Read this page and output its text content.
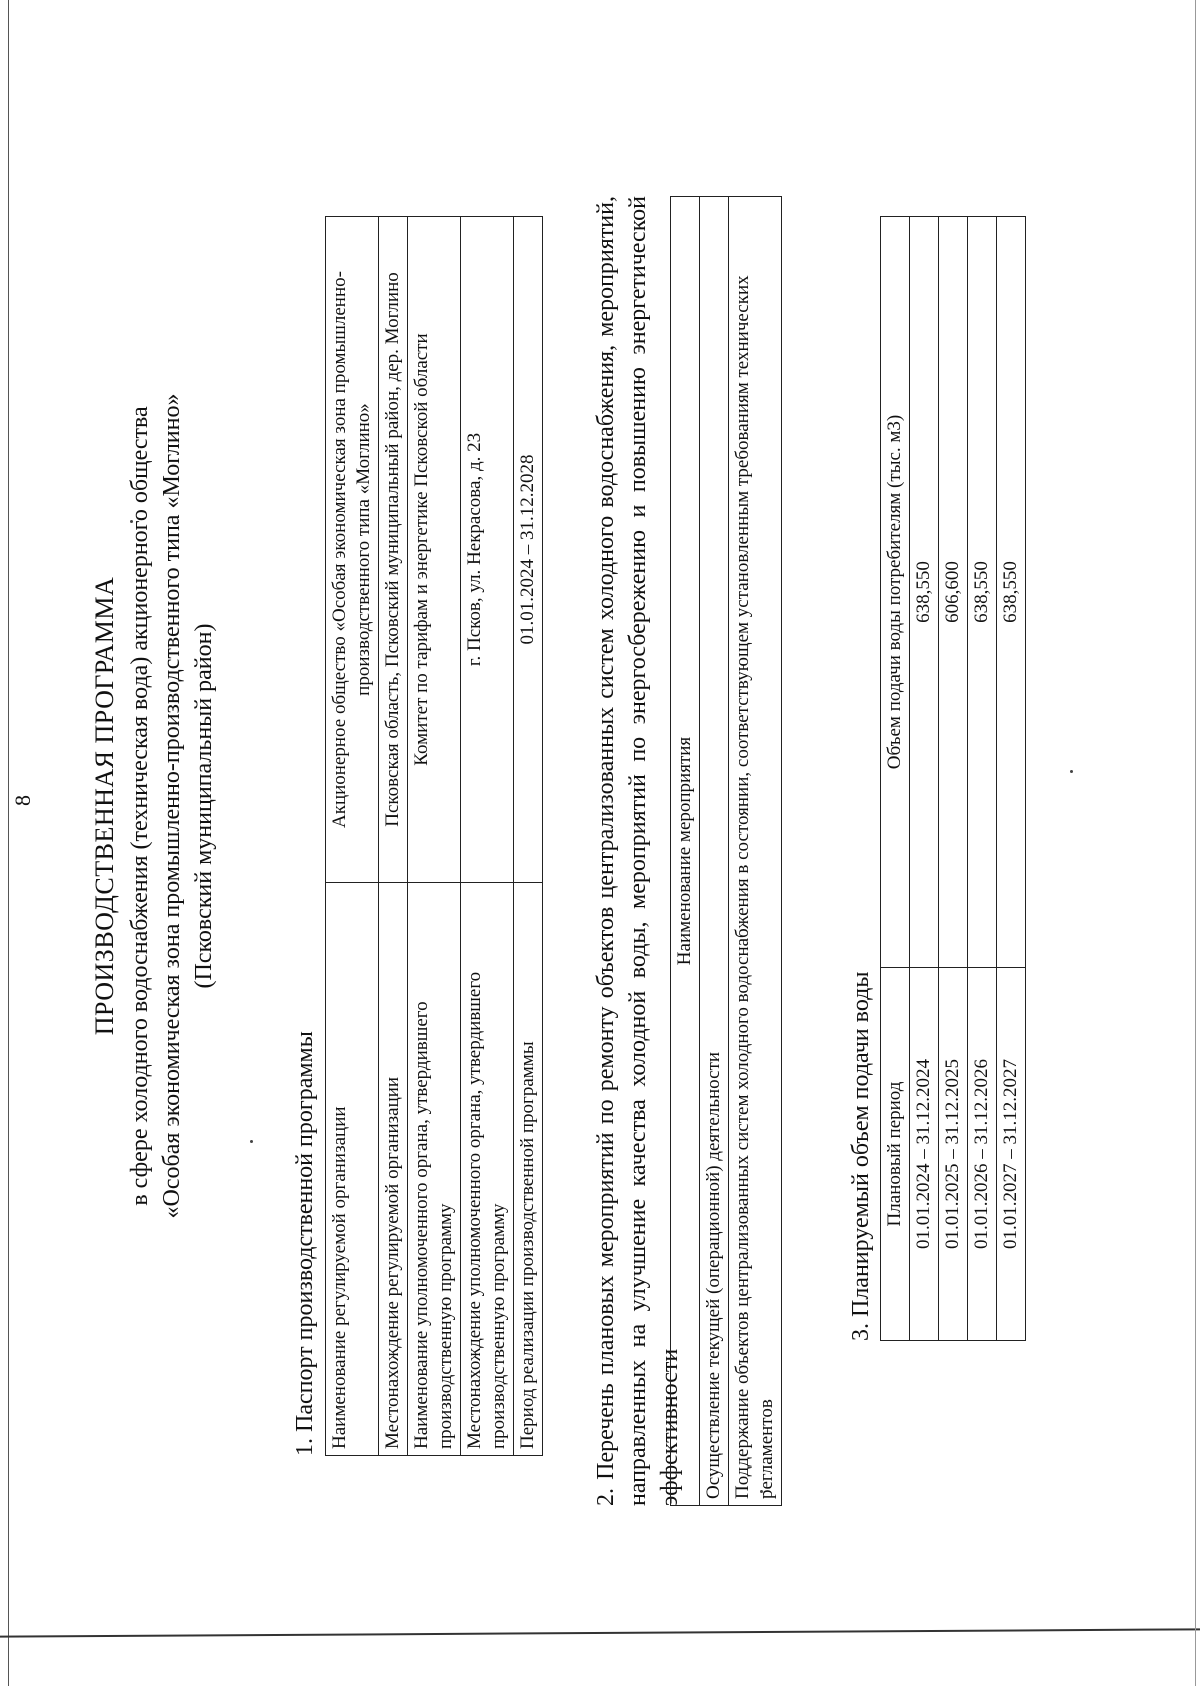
8 ПРОИЗВОДСТВЕННАЯ ПРОГРАММА в сфере холодного водоснабжения (техническая вода) акционерного общества «Особая экономическая зона промышленно-производственного типа «Моглино» (Псковский муниципальный район)
1. Паспорт производственной программы Наименование регулируемой организации	Акционерное общество «Особая экономическая зона промышленно-производственного типа «Моглино»
Местонахождение регулируемой организации	Псковская область, Псковский муниципальный район, дер. Моглино
Наименование уполномоченного органа, утвердившего производственную программу	Комитет по тарифам и энергетике Псковской области
Местонахождение уполномоченного органа, утвердившего производственную программу	г. Псков, ул. Некрасова, д. 23
Период реализации производственной программы	01.01.2024 – 31.12.2028 2. Перечень плановых мероприятий по ремонту объектов централизованных систем холодного водоснабжения, мероприятий, направленных на улучшение качества холодной воды, мероприятий по энергосбережению и повышению энергетической эффективности
Наименование мероприятия
Осуществление текущей (операционной) деятельности
Поддержание объектов централизованных систем холодного водоснабжения в состоянии, соответствующем установленным требованиям технических регламентов
3. Планируемый объем подачи воды Плановый период	Объем подачи воды потребителям (тыс. м3)
01.01.2024 – 31.12.2024	638,550
01.01.2025 – 31.12.2025	606,600
01.01.2026 – 31.12.2026	638,550
01.01.2027 – 31.12.2027	638,550
